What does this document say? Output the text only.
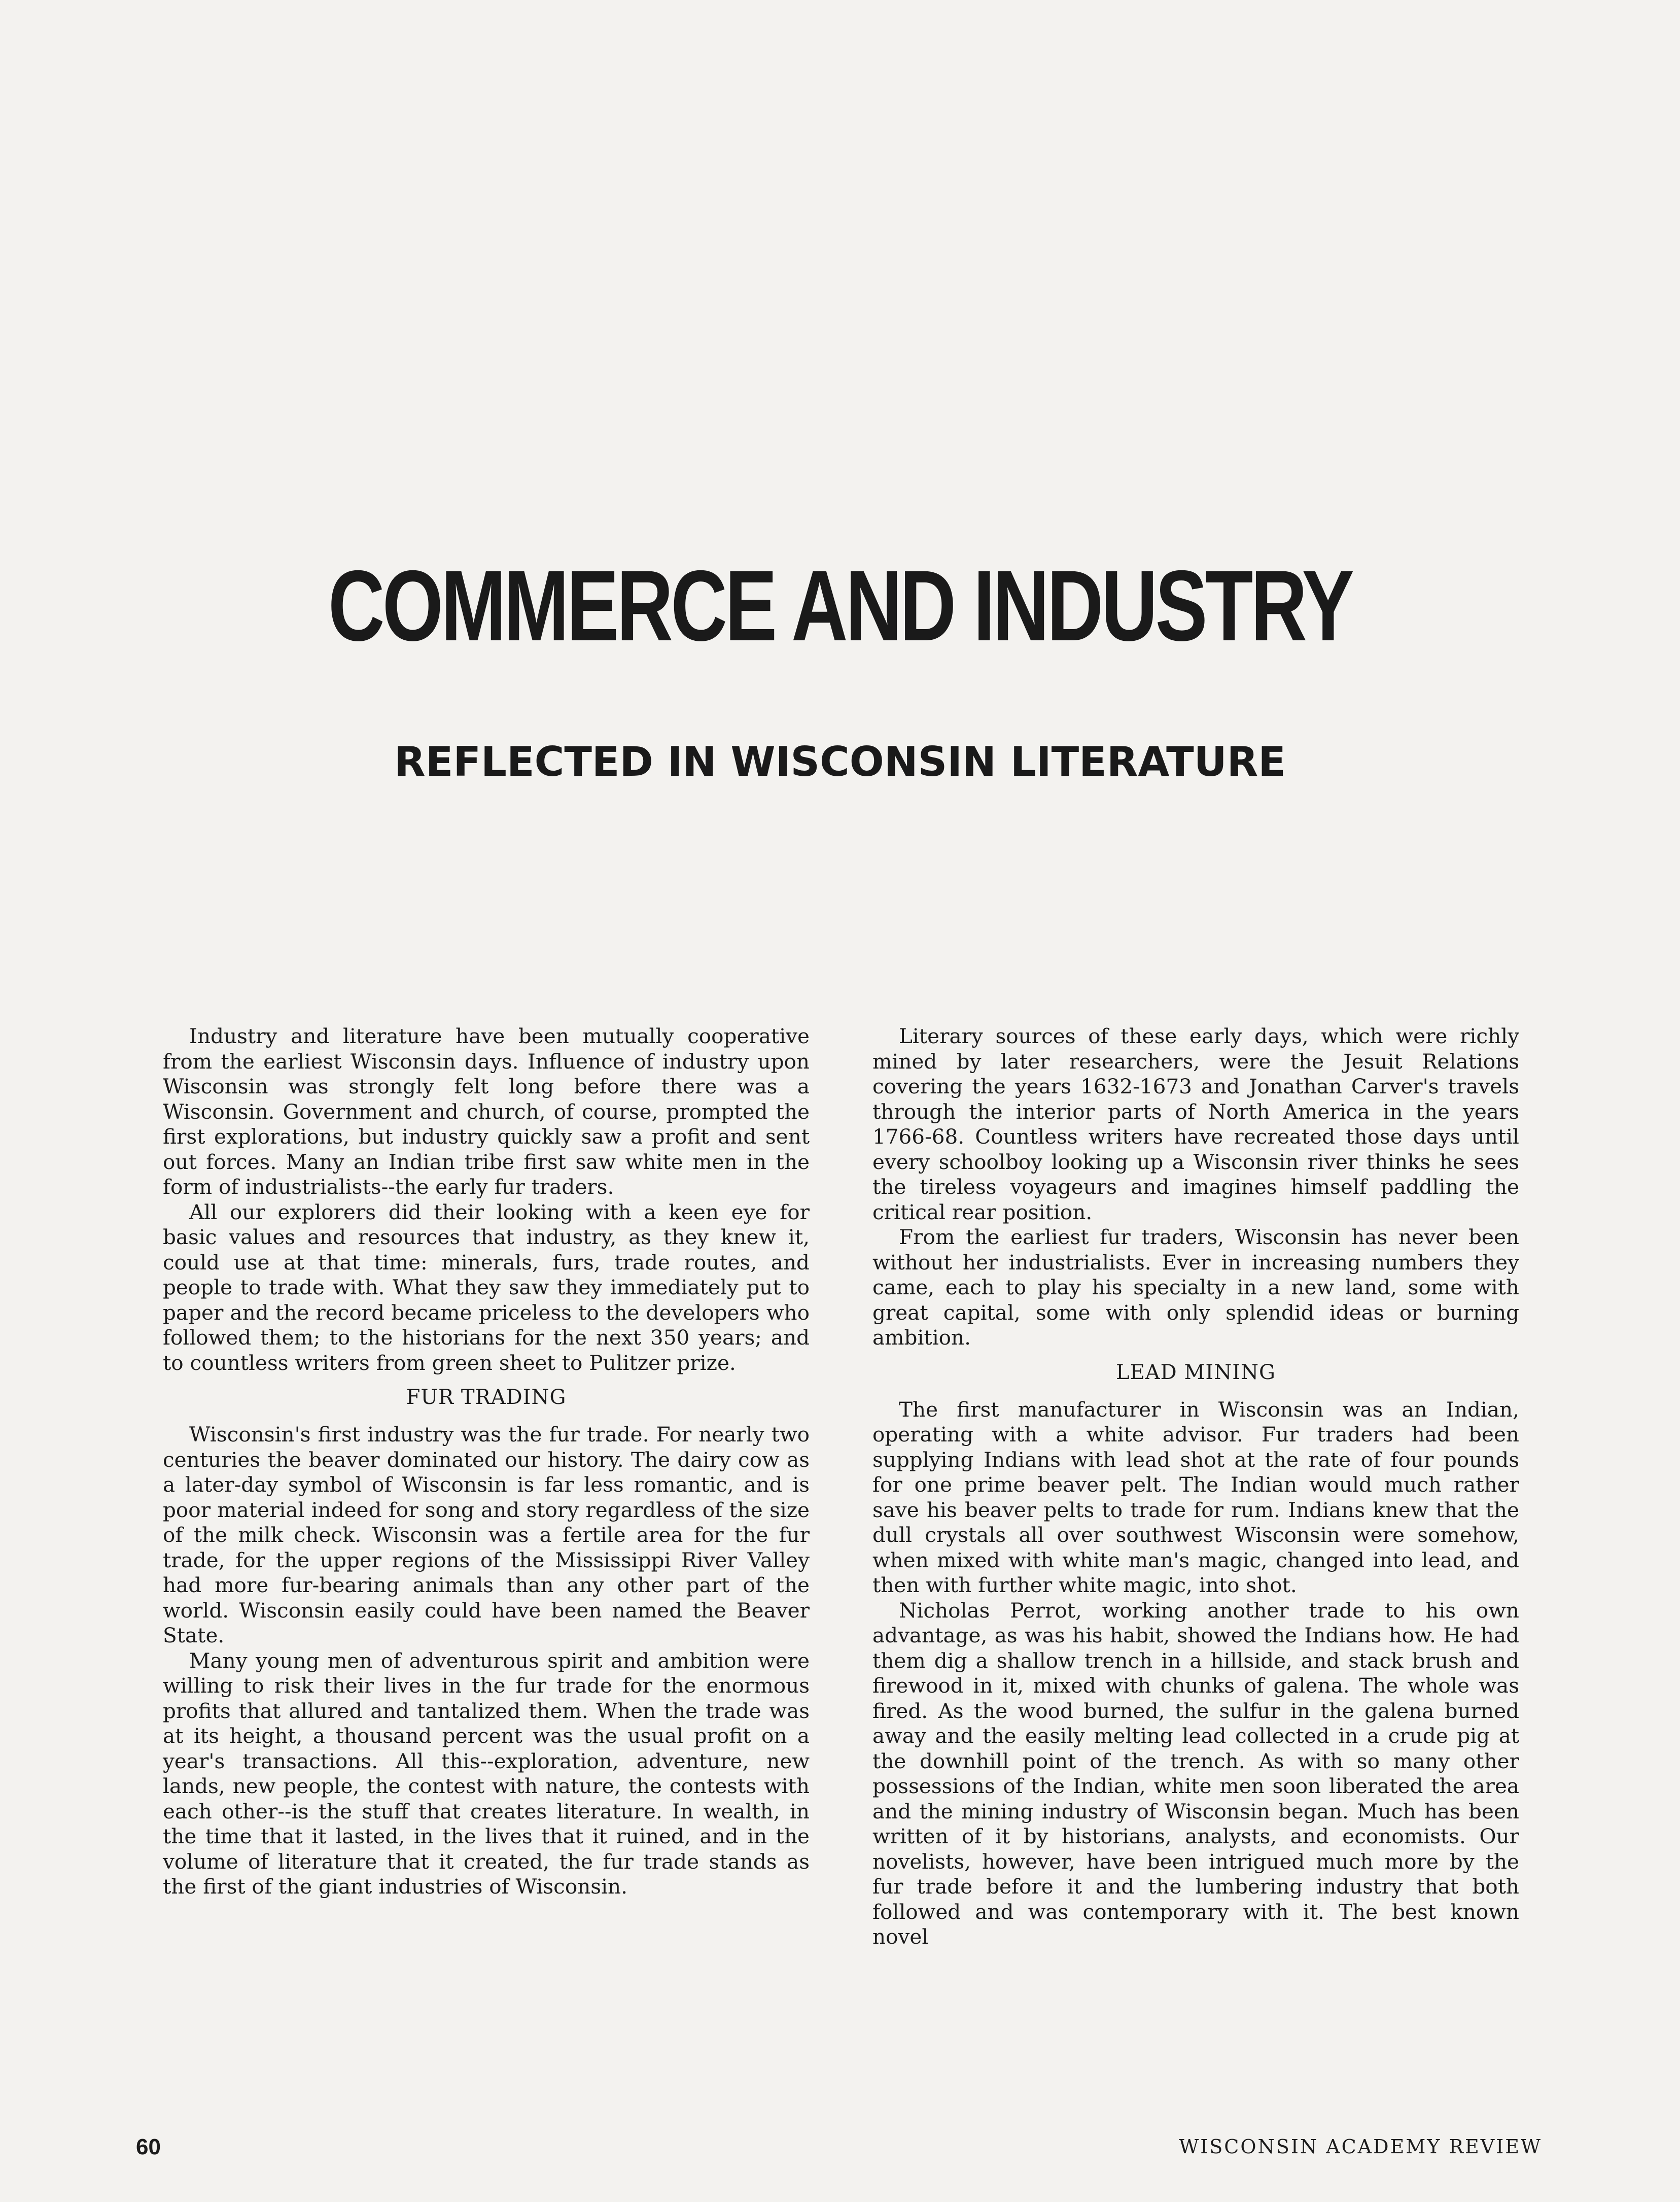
COMMERCE AND INDUSTRY
REFLECTED IN WISCONSIN LITERATURE

Industry and literature have been mutually cooperative from the earliest Wisconsin days. Influence of industry upon Wisconsin was strongly felt long before there was a Wisconsin. Government and church, of course, prompted the first explorations, but industry quickly saw a profit and sent out forces. Many an Indian tribe first saw white men in the form of industrialists--the early fur traders.

All our explorers did their looking with a keen eye for basic values and resources that industry, as they knew it, could use at that time: minerals, furs, trade routes, and people to trade with. What they saw they immediately put to paper and the record became priceless to the developers who followed them; to the historians for the next 350 years; and to countless writers from green sheet to Pulitzer prize.

FUR TRADING

Wisconsin's first industry was the fur trade. For nearly two centuries the beaver dominated our history. The dairy cow as a later-day symbol of Wisconsin is far less romantic, and is poor material indeed for song and story regardless of the size of the milk check. Wisconsin was a fertile area for the fur trade, for the upper regions of the Mississippi River Valley had more fur-bearing animals than any other part of the world. Wisconsin easily could have been named the Beaver State.

Many young men of adventurous spirit and ambition were willing to risk their lives in the fur trade for the enormous profits that allured and tantalized them. When the trade was at its height, a thousand percent was the usual profit on a year's transactions. All this--exploration, adventure, new lands, new people, the contest with nature, the contests with each other--is the stuff that creates literature. In wealth, in the time that it lasted, in the lives that it ruined, and in the volume of literature that it created, the fur trade stands as the first of the giant industries of Wisconsin.

Literary sources of these early days, which were richly mined by later researchers, were the Jesuit Relations covering the years 1632-1673 and Jonathan Carver's travels through the interior parts of North America in the years 1766-68. Countless writers have recreated those days until every schoolboy looking up a Wisconsin river thinks he sees the tireless voyageurs and imagines himself paddling the critical rear position.

From the earliest fur traders, Wisconsin has never been without her industrialists. Ever in increasing numbers they came, each to play his specialty in a new land, some with great capital, some with only splendid ideas or burning ambition.

LEAD MINING

The first manufacturer in Wisconsin was an Indian, operating with a white advisor. Fur traders had been supplying Indians with lead shot at the rate of four pounds for one prime beaver pelt. The Indian would much rather save his beaver pelts to trade for rum. Indians knew that the dull crystals all over southwest Wisconsin were somehow, when mixed with white man's magic, changed into lead, and then with further white magic, into shot.

Nicholas Perrot, working another trade to his own advantage, as was his habit, showed the Indians how. He had them dig a shallow trench in a hillside, and stack brush and firewood in it, mixed with chunks of galena. The whole was fired. As the wood burned, the sulfur in the galena burned away and the easily melting lead collected in a crude pig at the downhill point of the trench. As with so many other possessions of the Indian, white men soon liberated the area and the mining industry of Wisconsin began. Much has been written of it by historians, analysts, and economists. Our novelists, however, have been intrigued much more by the fur trade before it and the lumbering industry that both followed and was contemporary with it. The best known novel

60	WISCONSIN ACADEMY REVIEW
